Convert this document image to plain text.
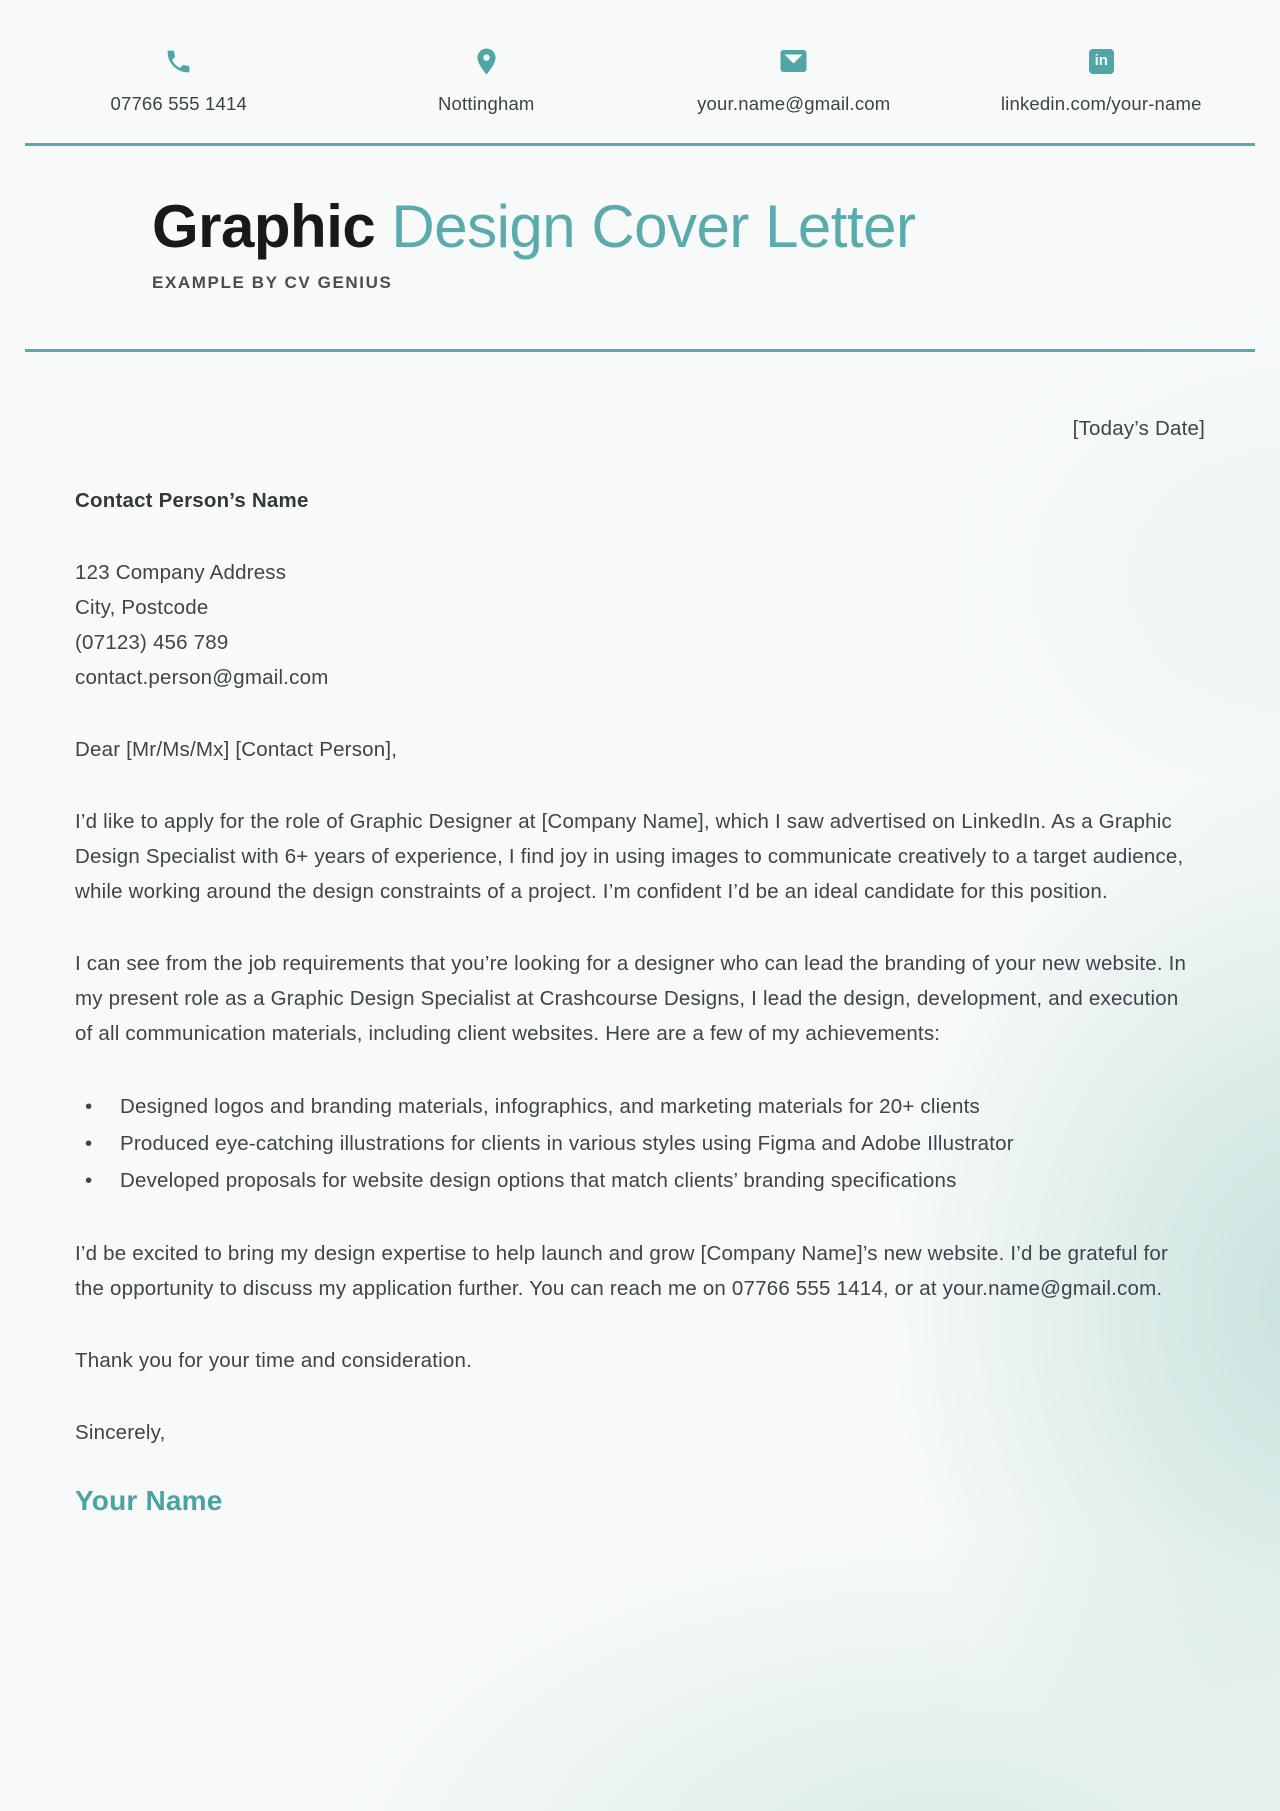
07766 555 1414	Nottingham	your.name@gmail.com
in
linkedin.com/your-name
Graphic Design Cover Letter
EXAMPLE BY CV GENIUS
[Today’s Date]
Contact Person’s Name
123 Company Address
City, Postcode
(07123) 456 789
contact.person@gmail.com

Dear [Mr/Ms/Mx] [Contact Person],

I’d like to apply for the role of Graphic Designer at [Company Name], which I saw advertised on LinkedIn. As a Graphic Design Specialist with 6+ years of experience, I find joy in using images to communicate creatively to a target audience, while working around the design constraints of a project. I’m confident I’d be an ideal candidate for this position.

I can see from the job requirements that you’re looking for a designer who can lead the branding of your new website. In my present role as a Graphic Design Specialist at Crashcourse Designs, I lead the design, development, and execution of all communication materials, including client websites. Here are a few of my achievements:

• Designed logos and branding materials, infographics, and marketing materials for 20+ clients
• Produced eye-catching illustrations for clients in various styles using Figma and Adobe Illustrator
• Developed proposals for website design options that match clients’ branding specifications

I’d be excited to bring my design expertise to help launch and grow [Company Name]’s new website. I’d be grateful for the opportunity to discuss my application further. You can reach me on 07766 555 1414, or at your.name@gmail.com.

Thank you for your time and consideration.

Sincerely,

Your Name
